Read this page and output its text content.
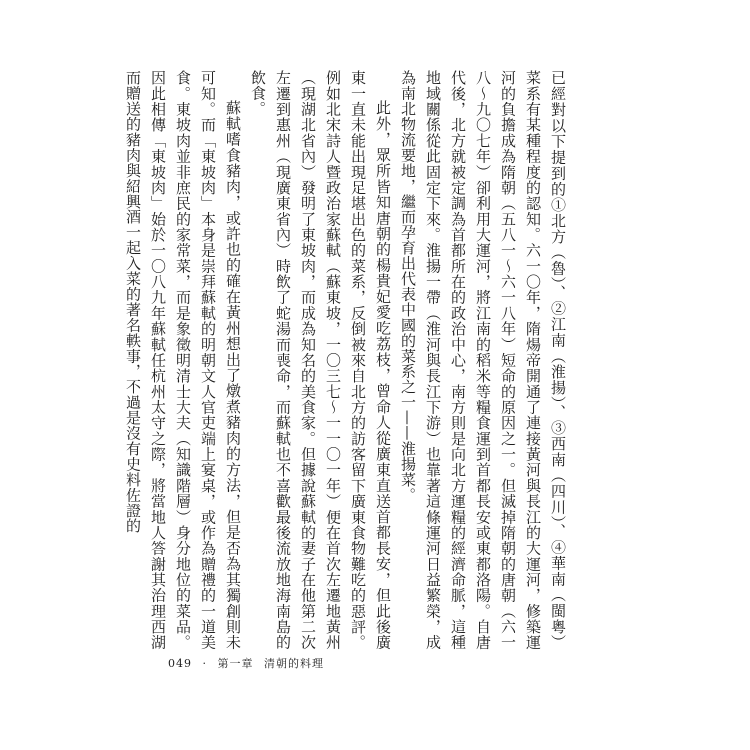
已經對以下提到的①北方（魯）、②江南（淮揚）、③西南（四川）、④華南（閩粵）菜系有某種程度的認知。六一〇年，隋煬帝開通了連接黃河與長江的大運河，修築運河的負擔成為隋朝（五八一～六一八年）短命的原因之一。但滅掉隋朝的唐朝（六一八～九〇七年）卻利用大運河，將江南的稻米等糧食運到首都長安或東都洛陽。自唐代後，北方就被定調為首都所在的政治中心，南方則是向北方運糧的經濟命脈，這種地域關係從此固定下來。淮揚一帶（淮河與長江下游）也靠著這條運河日益繁榮，成為南北物流要地，繼而孕育出代表中國的菜系之一——淮揚菜。

此外，眾所皆知唐朝的楊貴妃愛吃荔枝，曾命人從廣東直送首都長安，但此後廣東一直未能出現足堪出色的菜系，反倒被來自北方的訪客留下廣東食物難吃的惡評。例如北宋詩人暨政治家蘇軾（蘇東坡，一〇三七～一一〇一年）便在首次左遷地黃州（現湖北省內）發明了東坡肉，而成為知名的美食家。但據說蘇軾的妻子在他第二次左遷到惠州（現廣東省內）時飲了蛇湯而喪命，而蘇軾也不喜歡最後流放地海南島的飲食。

蘇軾嗜食豬肉，或許也的確在黃州想出了燉煮豬肉的方法，但是否為其獨創則未可知。而「東坡肉」本身是崇拜蘇軾的明朝文人官吏端上宴桌，或作為贈禮的一道美食。東坡肉並非庶民的家常菜，而是象徵明清士大夫（知識階層）身分地位的菜品。因此相傳「東坡肉」始於一〇八九年蘇軾任杭州太守之際，將當地人答謝其治理西湖而贈送的豬肉與紹興酒一起入菜的著名軼事，不過是沒有史料佐證的

049 · 第一章 清朝的料理
